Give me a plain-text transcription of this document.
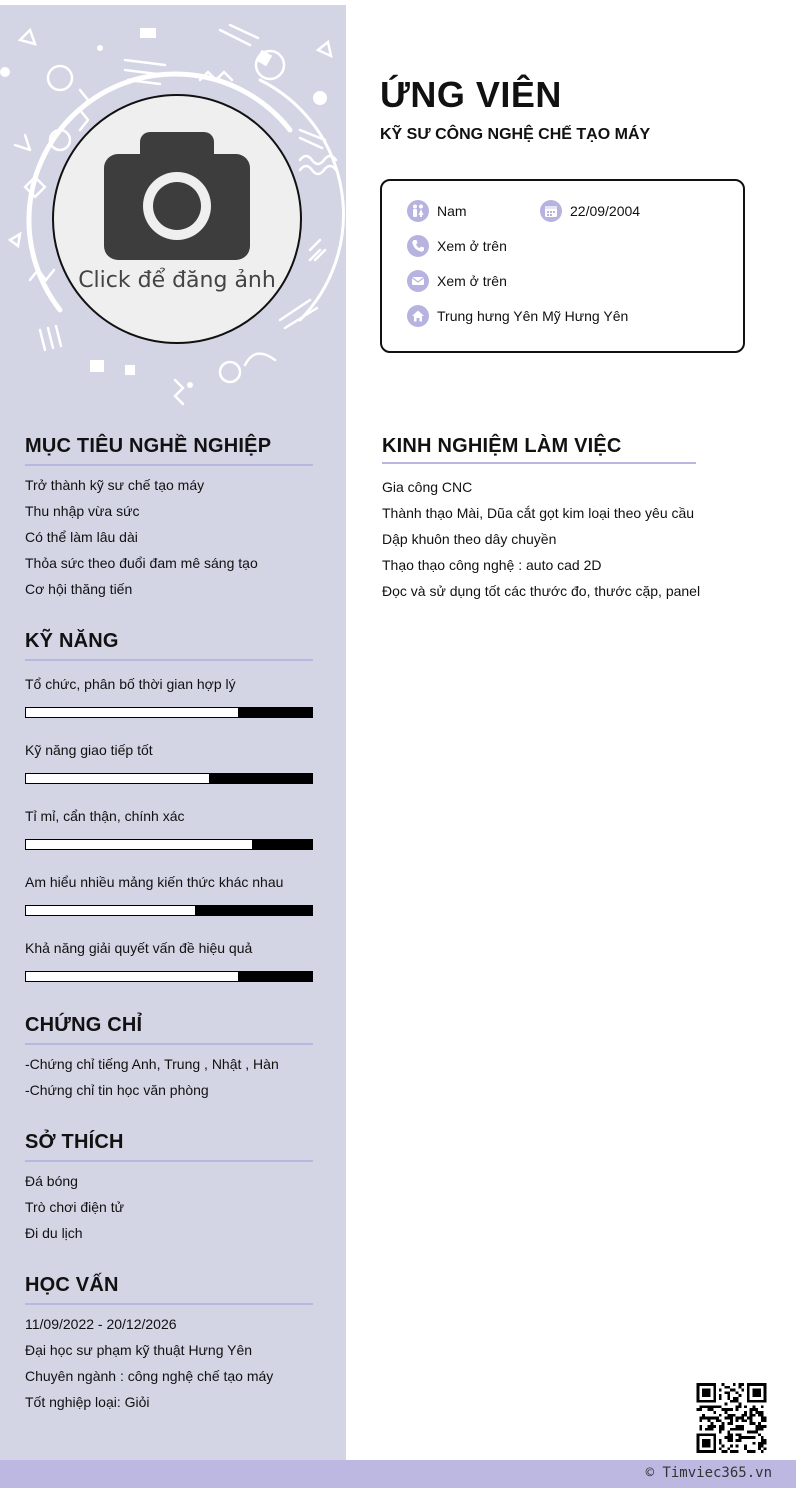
Click để đăng ảnh
MỤC TIÊU NGHỀ NGHIỆP
Trở thành kỹ sư chế tạo máy
Thu nhập vừa sức
Có thể làm lâu dài
Thỏa sức theo đuổi đam mê sáng tạo
Cơ hội thăng tiến
KỸ NĂNG
Tổ chức, phân bố thời gian hợp lý
Kỹ năng giao tiếp tốt
Tỉ mỉ, cẩn thận, chính xác
Am hiểu nhiều mảng kiến thức khác nhau
Khả năng giải quyết vấn đề hiệu quả
CHỨNG CHỈ
-Chứng chỉ tiếng Anh, Trung , Nhật , Hàn
-Chứng chỉ tin học văn phòng
SỞ THÍCH
Đá bóng
Trò chơi điện tử
Đi du lịch
HỌC VẤN
11/09/2022 - 20/12/2026
Đại học sư phạm kỹ thuật Hưng Yên
Chuyên ngành : công nghệ chế tạo máy
Tốt nghiệp loại: Giỏi
ỨNG VIÊN
KỸ SƯ CÔNG NGHỆ CHẾ TẠO MÁY
Nam	22/09/2004
Xem ở trên
Xem ở trên
Trung hưng Yên Mỹ Hưng Yên
KINH NGHIỆM LÀM VIỆC
Gia công CNC
Thành thạo Mài, Dũa cắt gọt kim loại theo yêu cầu
Dập khuôn theo dây chuyền
Thạo thạo công nghệ : auto cad 2D
Đọc và sử dụng tốt các thước đo, thước cặp, panel
© Timviec365.vn
